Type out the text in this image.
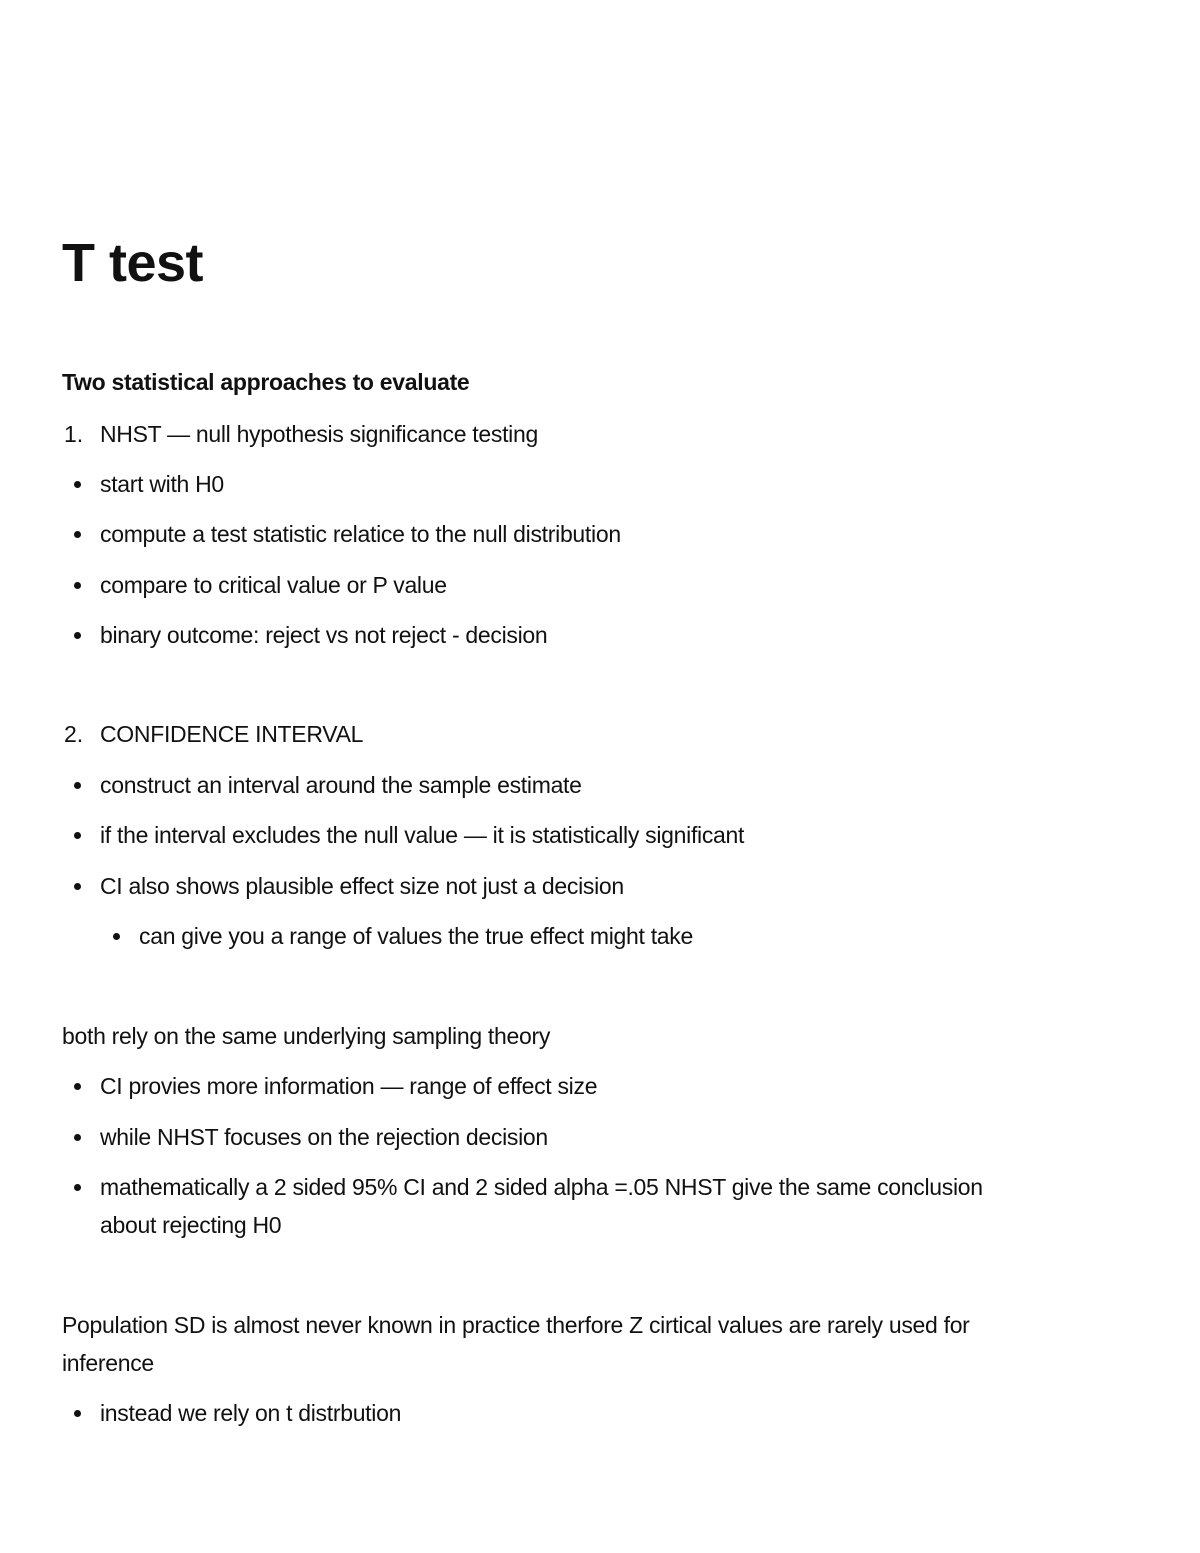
T test
Two statistical approaches to evaluate
1. NHST — null hypothesis significance testing
start with H0
compute a test statistic relatice to the null distribution
compare to critical value or P value
binary outcome: reject vs not reject - decision
2. CONFIDENCE INTERVAL
construct an interval around the sample estimate
if the interval excludes the null value — it is statistically significant
CI also shows plausible effect size not just a decision
can give you a range of values the true effect might take
both rely on the same underlying sampling theory
CI provies more information — range of effect size
while NHST focuses on the rejection decision
mathematically a 2 sided 95% CI and 2 sided alpha =.05 NHST give the same conclusion
about rejecting H0
Population SD is almost never known in practice therfore Z cirtical values are rarely used for
inference
instead we rely on t distrbution
